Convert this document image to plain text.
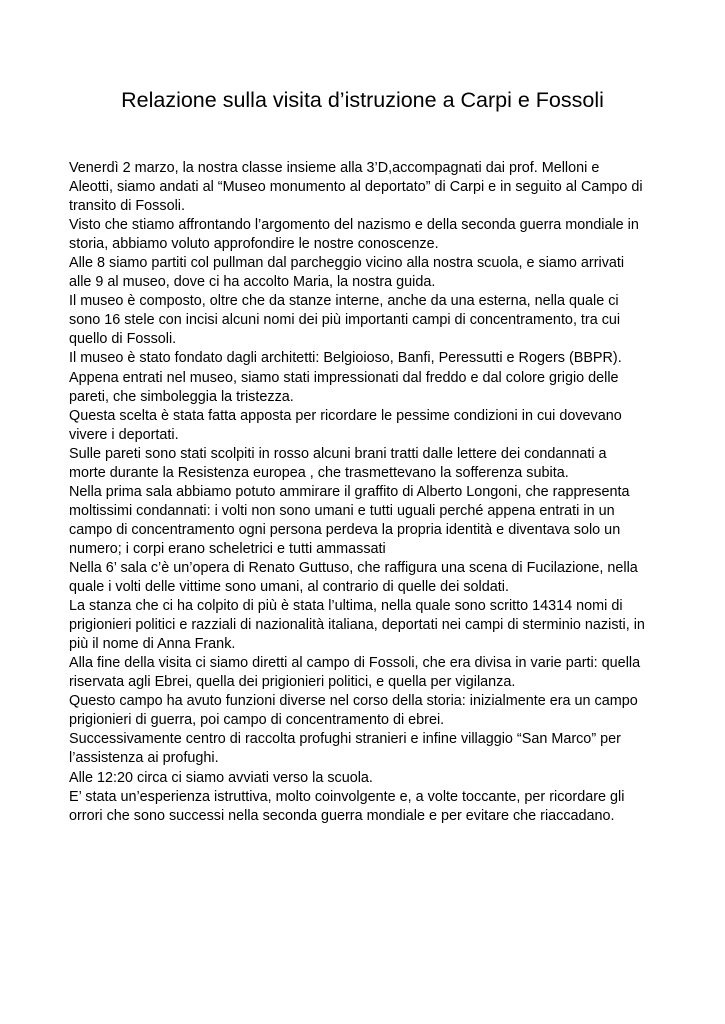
Relazione sulla visita d’istruzione a Carpi e Fossoli
Venerdì 2 marzo, la nostra classe insieme alla 3’D,accompagnati dai prof. Melloni e
Aleotti, siamo andati al “Museo monumento al deportato” di Carpi e in seguito al Campo di
transito di Fossoli.
Visto che stiamo affrontando l’argomento del nazismo e della seconda guerra mondiale in
storia, abbiamo voluto approfondire le nostre conoscenze.
Alle 8 siamo partiti col pullman dal parcheggio vicino alla nostra scuola, e siamo arrivati
alle 9 al museo, dove ci ha accolto Maria, la nostra guida.
Il museo è composto, oltre che da stanze interne, anche da una esterna, nella quale ci
sono 16 stele con incisi alcuni nomi dei più importanti campi di concentramento, tra cui
quello di Fossoli.
Il museo è stato fondato dagli architetti: Belgioioso, Banfi, Peressutti e Rogers (BBPR).
Appena entrati nel museo, siamo stati impressionati dal freddo e dal colore grigio delle
pareti, che simboleggia la tristezza.
Questa scelta è stata fatta apposta per ricordare le pessime condizioni in cui dovevano
vivere i deportati.
Sulle pareti sono stati scolpiti in rosso alcuni brani tratti dalle lettere dei condannati a
morte durante la Resistenza europea , che trasmettevano la sofferenza subita.
Nella prima sala abbiamo potuto ammirare il graffito di Alberto Longoni, che rappresenta
moltissimi condannati: i volti non sono umani e tutti uguali perché appena entrati in un
campo di concentramento ogni persona perdeva la propria identità e diventava solo un
numero; i corpi erano scheletrici e tutti ammassati
Nella 6’ sala c’è un’opera di Renato Guttuso, che raffigura una scena di Fucilazione, nella
quale i volti delle vittime sono umani, al contrario di quelle dei soldati.
La stanza che ci ha colpito di più è stata l’ultima, nella quale sono scritto 14314 nomi di
prigionieri politici e razziali di nazionalità italiana, deportati nei campi di sterminio nazisti, in
più il nome di Anna Frank.
Alla fine della visita ci siamo diretti al campo di Fossoli, che era divisa in varie parti: quella
riservata agli Ebrei, quella dei prigionieri politici, e quella per vigilanza.
Questo campo ha avuto funzioni diverse nel corso della storia: inizialmente era un campo
prigionieri di guerra, poi campo di concentramento di ebrei.
Successivamente centro di raccolta profughi stranieri e infine villaggio “San Marco” per
l’assistenza ai profughi.
Alle 12:20 circa ci siamo avviati verso la scuola.
E’ stata un’esperienza istruttiva, molto coinvolgente e, a volte toccante, per ricordare gli
orrori che sono successi nella seconda guerra mondiale e per evitare che riaccadano.
